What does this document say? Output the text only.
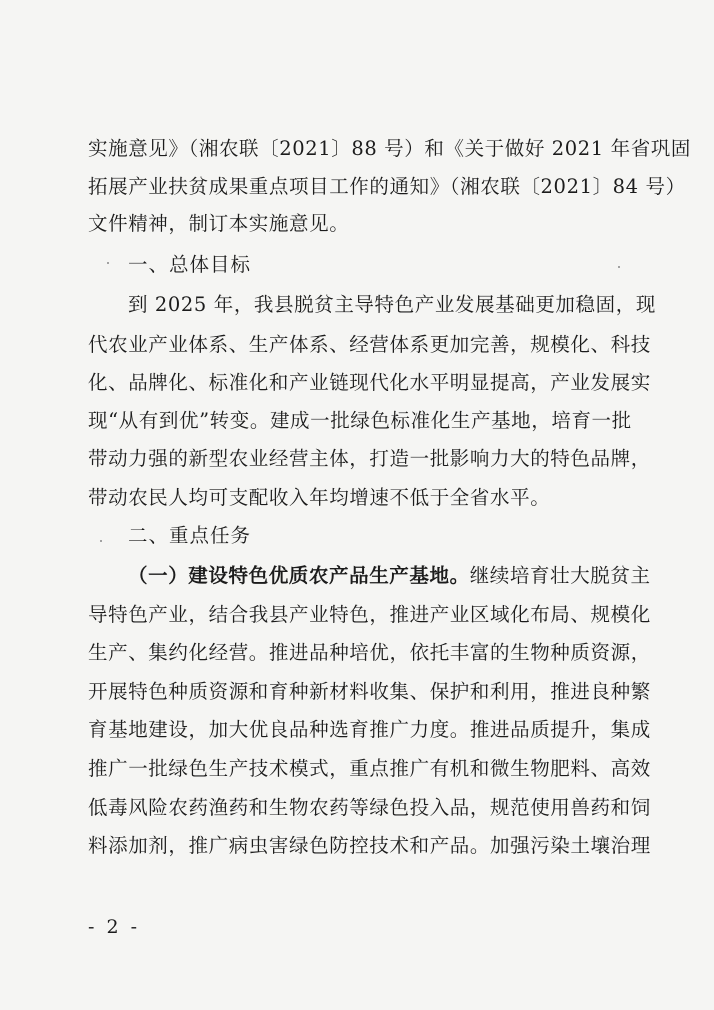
实施意见》（湘农联〔2021〕88 号）和《关于做好 2021 年省巩固
拓展产业扶贫成果重点项目工作的通知》（湘农联〔2021〕84 号）
文件精神，制订本实施意见。
一、总体目标
到 2025 年，我县脱贫主导特色产业发展基础更加稳固，现
代农业产业体系、生产体系、经营体系更加完善，规模化、科技
化、品牌化、标准化和产业链现代化水平明显提高，产业发展实
现“从有到优”转变。建成一批绿色标准化生产基地，培育一批
带动力强的新型农业经营主体，打造一批影响力大的特色品牌，
带动农民人均可支配收入年均增速不低于全省水平。
二、重点任务
（一）建设特色优质农产品生产基地。继续培育壮大脱贫主
导特色产业，结合我县产业特色，推进产业区域化布局、规模化
生产、集约化经营。推进品种培优，依托丰富的生物种质资源，
开展特色种质资源和育种新材料收集、保护和利用，推进良种繁
育基地建设，加大优良品种选育推广力度。推进品质提升，集成
推广一批绿色生产技术模式，重点推广有机和微生物肥料、高效
低毒风险农药渔药和生物农药等绿色投入品，规范使用兽药和饲
料添加剂，推广病虫害绿色防控技术和产品。加强污染土壤治理
- 2 -
